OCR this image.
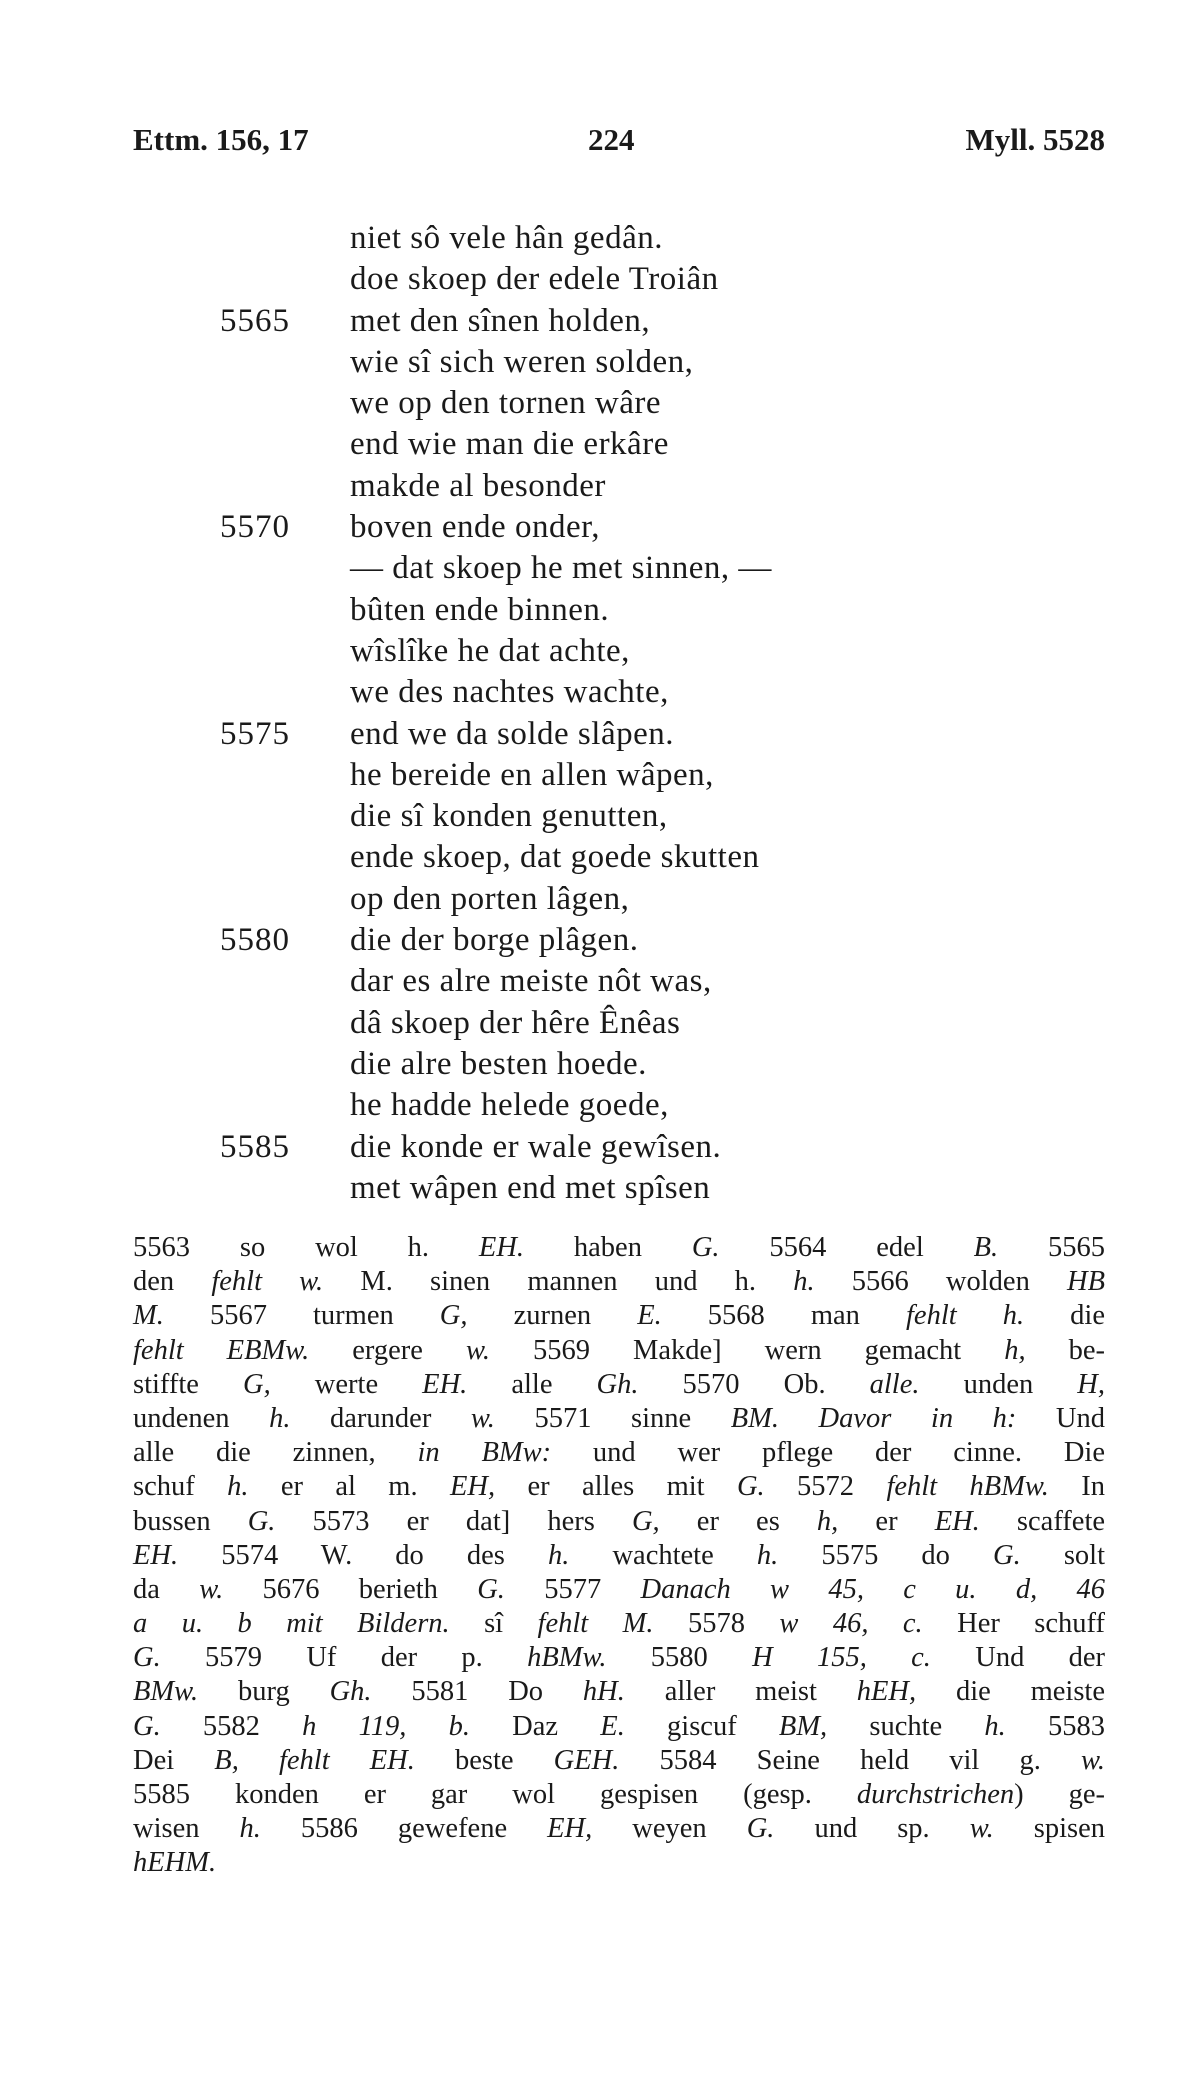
Ettm. 156, 17	224	Myll. 5528
niet sô vele hân gedân.
doe skoep der edele Troiân
5565	met den sînen holden,
wie sî sich weren solden,
we op den tornen wâre
end wie man die erkâre
makde al besonder
5570	boven ende onder,
— dat skoep he met sinnen, —
bûten ende binnen.
wîslîke he dat achte,
we des nachtes wachte,
5575	end we da solde slâpen.
he bereide en allen wâpen,
die sî konden genutten,
ende skoep, dat goede skutten
op den porten lâgen,
5580	die der borge plâgen.
dar es alre meiste nôt was,
dâ skoep der hêre Ênêas
die alre besten hoede.
he hadde helede goede,
5585	die konde er wale gewîsen.
met wâpen end met spîsen
5563 so wol h. EH. haben G. 5564 edel B. 5565
den fehlt w. M. sinen mannen und h. h. 5566 wolden HB
M. 5567 turmen G, zurnen E. 5568 man fehlt h. die
fehlt EBMw. ergere w. 5569 Makde] wern gemacht h, be-
stiffte G, werte EH. alle Gh. 5570 Ob. alle. unden H,
undenen h. darunder w. 5571 sinne BM. Davor in h: Und
alle die zinnen, in BMw: und wer pflege der cinne. Die
schuf h. er al m. EH, er alles mit G. 5572 fehlt hBMw. In
bussen G. 5573 er dat] hers G, er es h, er EH. scaffete
EH. 5574 W. do des h. wachtete h. 5575 do G. solt
da w. 5676 berieth G. 5577 Danach w 45, c u. d, 46
a u. b mit Bildern. sî fehlt M. 5578 w 46, c. Her schuff
G. 5579 Uf der p. hBMw. 5580 H 155, c. Und der
BMw. burg Gh. 5581 Do hH. aller meist hEH, die meiste
G. 5582 h 119, b. Daz E. giscuf BM, suchte h. 5583
Dei B, fehlt EH. beste GEH. 5584 Seine held vil g. w.
5585 konden er gar wol gespisen (gesp. durchstrichen) ge-
wisen h. 5586 gewefene EH, weyen G. und sp. w. spisen
hEHM.
